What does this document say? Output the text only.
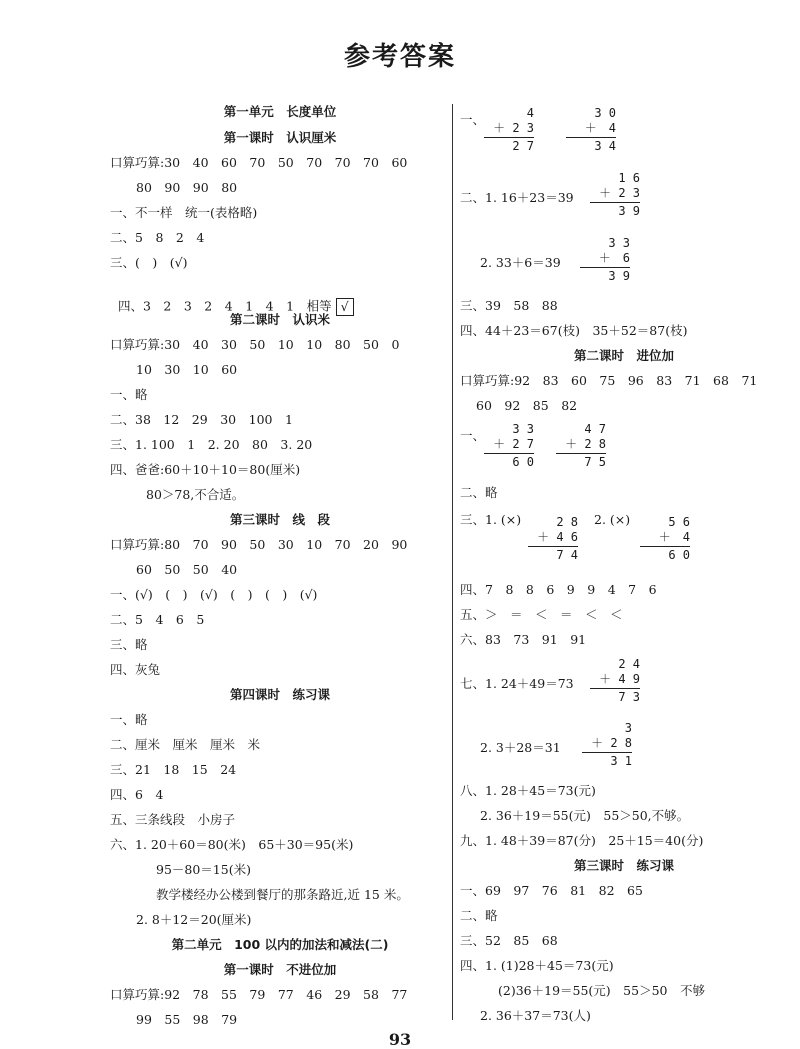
参考答案
第一单元　长度单位
第一课时　认识厘米
口算巧算:30　40　60　70　50　70　70　70　60
80　90　90　80
一、不一样　统一(表格略)
二、5　8　2　4
三、(　)　(√)

四、3　2　3　2　4　1　4　1　相等 √

第二课时　认识米
口算巧算:30　40　30　50　10　10　80　50　0
10　30　10　60
一、略
二、38　12　29　30　100　1
三、1. 100　1　2. 20　80　3. 20
四、爸爸:60＋10＋10＝80(厘米)
80＞78,不合适。
第三课时　线　段
口算巧算:80　70　90　50　30　10　70　20　90
60　50　50　40
一、(√)　(　)　(√)　(　)　(　)　(√)
二、5　4　6　5
三、略
四、灰兔
第四课时　练习课
一、略
二、厘米　厘米　厘米　米
三、21　18　15　24
四、6　4
五、三条线段　小房子
六、1. 20＋60＝80(米)　65＋30＝95(米)
95－80＝15(米)
教学楼经办公楼到餐厅的那条路近,近 15 米。
2. 8＋12＝20(厘米)
第二单元　100 以内的加法和减法(二)
第一课时　不进位加
口算巧算:92　78　55　79　77　46　29　58　77
99　55　98　79
一、	4
＋ 2 3
2 7
3 0
＋　4
3 4
二、1. 16＋23＝39
1 6
＋ 2 3
3 9
2. 33＋6＝39
3 3
＋　6
3 9
三、39　58　88
四、44＋23＝67(枝)　35＋52＝87(枝)
第二课时　进位加
口算巧算:92　83　60　75　96　83　71　68　71
60　92　85　82
一、	3 3
＋ 2 7
6 0
4 7
＋ 2 8
7 5
二、略
三、1. (×)	2 8
＋ 4 6
7 4
2. (×)	5 6
＋　4
6 0
四、7　8　8　6　9　9　4　7　6
五、＞　＝　＜　＝　＜　＜
六、83　73　91　91
七、1. 24＋49＝73
2 4
＋ 4 9
7 3
2. 3＋28＝31
3
＋ 2 8
3 1
八、1. 28＋45＝73(元)
2. 36＋19＝55(元)　55＞50,不够。
九、1. 48＋39＝87(分)　25＋15＝40(分)
第三课时　练习课
一、69　97　76　81　82　65
二、略
三、52　85　68
四、1. (1)28＋45＝73(元)
(2)36＋19＝55(元)　55＞50　不够
2. 36＋37＝73(人)
93
